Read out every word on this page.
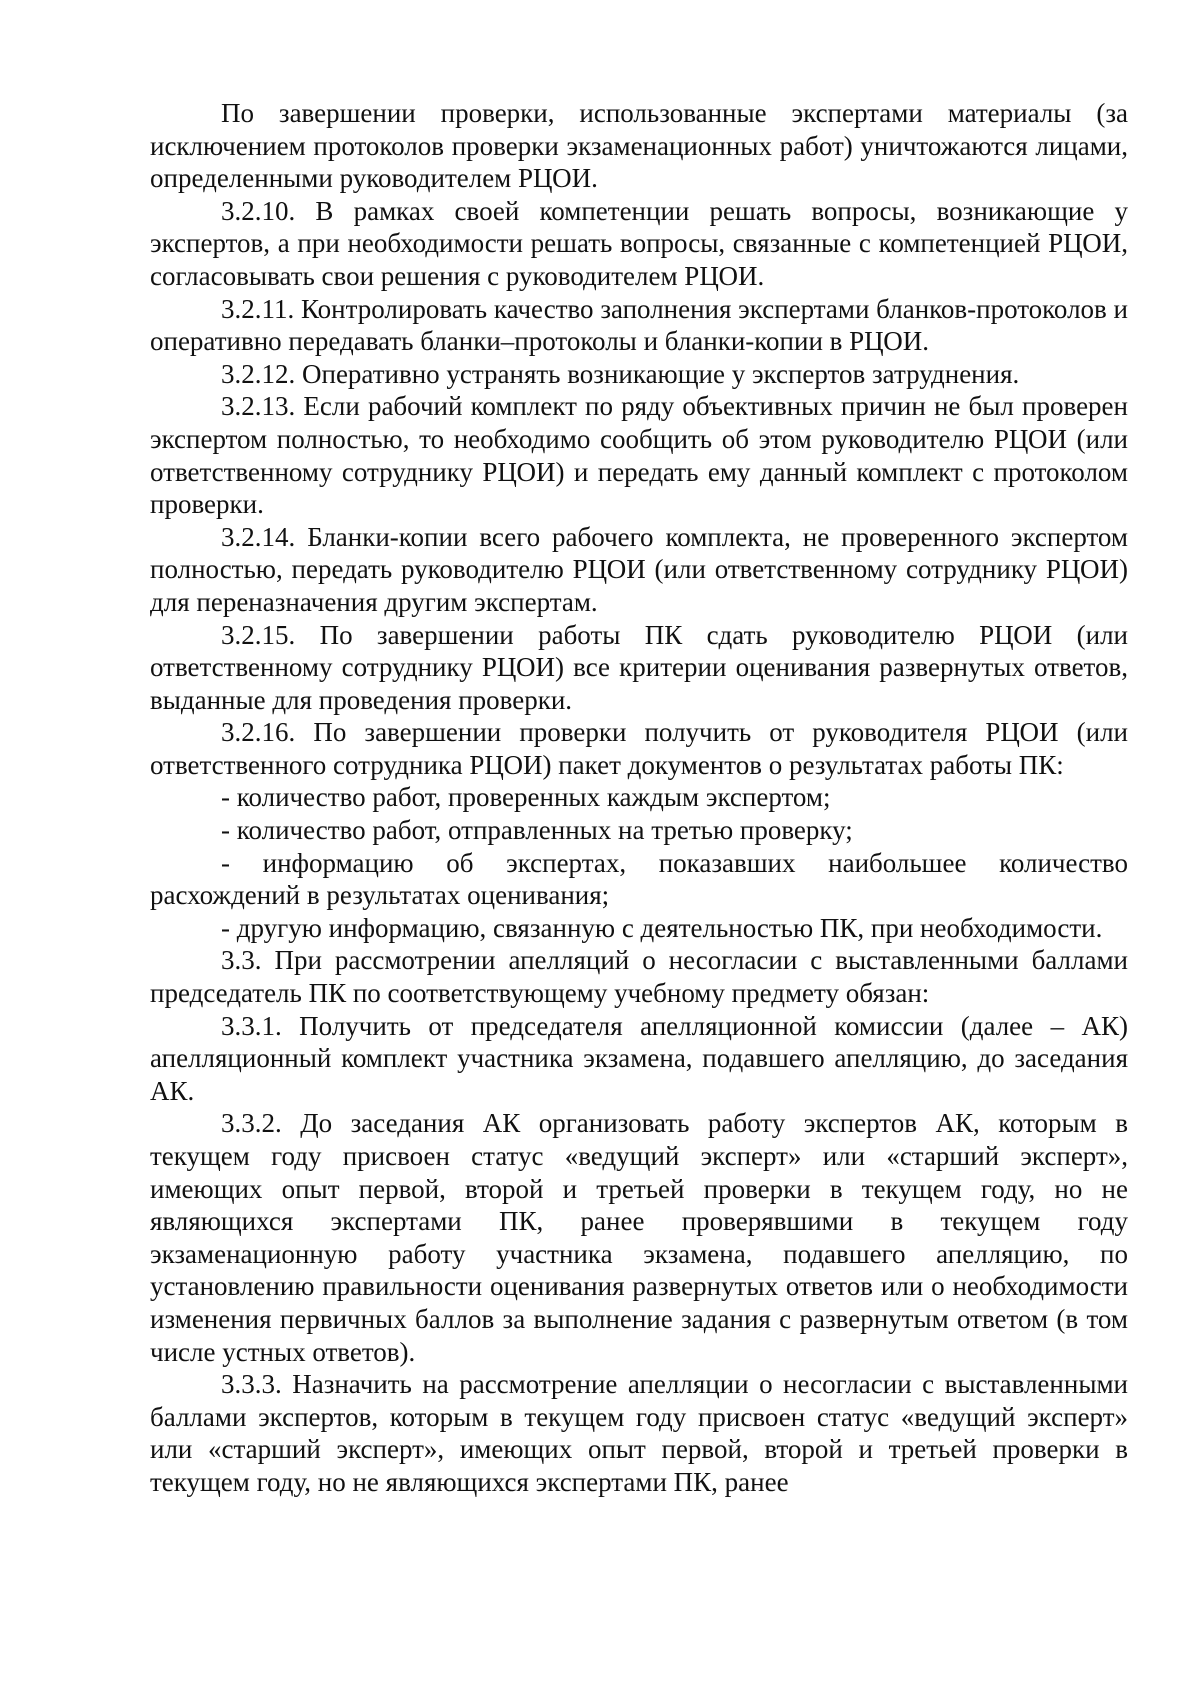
По завершении проверки, использованные экспертами материалы (за исключением протоколов проверки экзаменационных работ) уничтожаются лицами, определенными руководителем РЦОИ.

3.2.10. В рамках своей компетенции решать вопросы, возникающие у экспертов, а при необходимости решать вопросы, связанные с компетенцией РЦОИ, согласовывать свои решения с руководителем РЦОИ.

3.2.11. Контролировать качество заполнения экспертами бланков-протоколов и оперативно передавать бланки–протоколы и бланки-копии в РЦОИ.

3.2.12. Оперативно устранять возникающие у экспертов затруднения.

3.2.13. Если рабочий комплект по ряду объективных причин не был проверен экспертом полностью, то необходимо сообщить об этом руководителю РЦОИ (или ответственному сотруднику РЦОИ) и передать ему данный комплект с протоколом проверки.

3.2.14. Бланки-копии всего рабочего комплекта, не проверенного экспертом полностью, передать руководителю РЦОИ (или ответственному сотруднику РЦОИ) для переназначения другим экспертам.

3.2.15. По завершении работы ПК сдать руководителю РЦОИ (или ответственному сотруднику РЦОИ) все критерии оценивания развернутых ответов, выданные для проведения проверки.

3.2.16. По завершении проверки получить от руководителя РЦОИ (или ответственного сотрудника РЦОИ) пакет документов о результатах работы ПК:

- количество работ, проверенных каждым экспертом;

- количество работ, отправленных на третью проверку;

- информацию об экспертах, показавших наибольшее количество расхождений в результатах оценивания;

- другую информацию, связанную с деятельностью ПК, при необходимости.

3.3. При рассмотрении апелляций о несогласии с выставленными баллами председатель ПК по соответствующему учебному предмету обязан:

3.3.1. Получить от председателя апелляционной комиссии (далее – АК) апелляционный комплект участника экзамена, подавшего апелляцию, до заседания АК.

3.3.2. До заседания АК организовать работу экспертов АК, которым в текущем году присвоен статус «ведущий эксперт» или «старший эксперт», имеющих опыт первой, второй и третьей проверки в текущем году, но не являющихся экспертами ПК, ранее проверявшими в текущем году экзаменационную работу участника экзамена, подавшего апелляцию, по установлению правильности оценивания развернутых ответов или о необходимости изменения первичных баллов за выполнение задания с развернутым ответом (в том числе устных ответов).

3.3.3. Назначить на рассмотрение апелляции о несогласии с выставленными баллами экспертов, которым в текущем году присвоен статус «ведущий эксперт» или «старший эксперт», имеющих опыт первой, второй и третьей проверки в текущем году, но не являющихся экспертами ПК, ранее
